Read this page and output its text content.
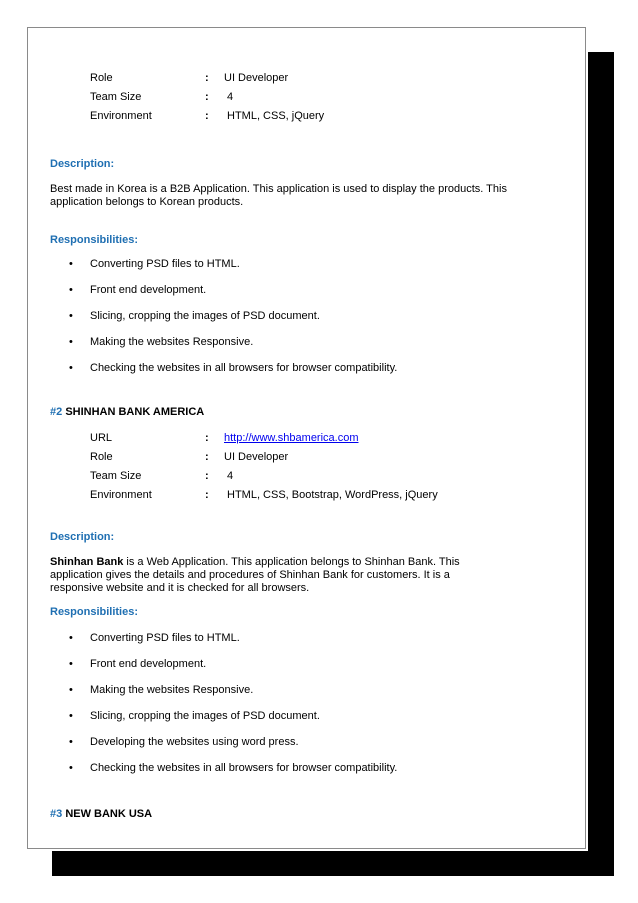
Role	: UI Developer
Team Size	: 4
Environment	: HTML, CSS, jQuery

Description:

Best made in Korea is a B2B Application. This application is used to display the products. This application belongs to Korean products.

Responsibilities:

• Converting PSD files to HTML.
• Front end development.
• Slicing, cropping the images of PSD document.
• Making the websites Responsive.
• Checking the websites in all browsers for browser compatibility.

#2 SHINHAN BANK AMERICA

URL	: http://www.shbamerica.com
Role	: UI Developer
Team Size	: 4
Environment	: HTML, CSS, Bootstrap, WordPress, jQuery

Description:

Shinhan Bank is a Web Application. This application belongs to Shinhan Bank. This application gives the details and procedures of Shinhan Bank for customers. It is a responsive website and it is checked for all browsers.

Responsibilities:

• Converting PSD files to HTML.
• Front end development.
• Making the websites Responsive.
• Slicing, cropping the images of PSD document.
• Developing the websites using word press.
• Checking the websites in all browsers for browser compatibility.

#3 NEW BANK USA
